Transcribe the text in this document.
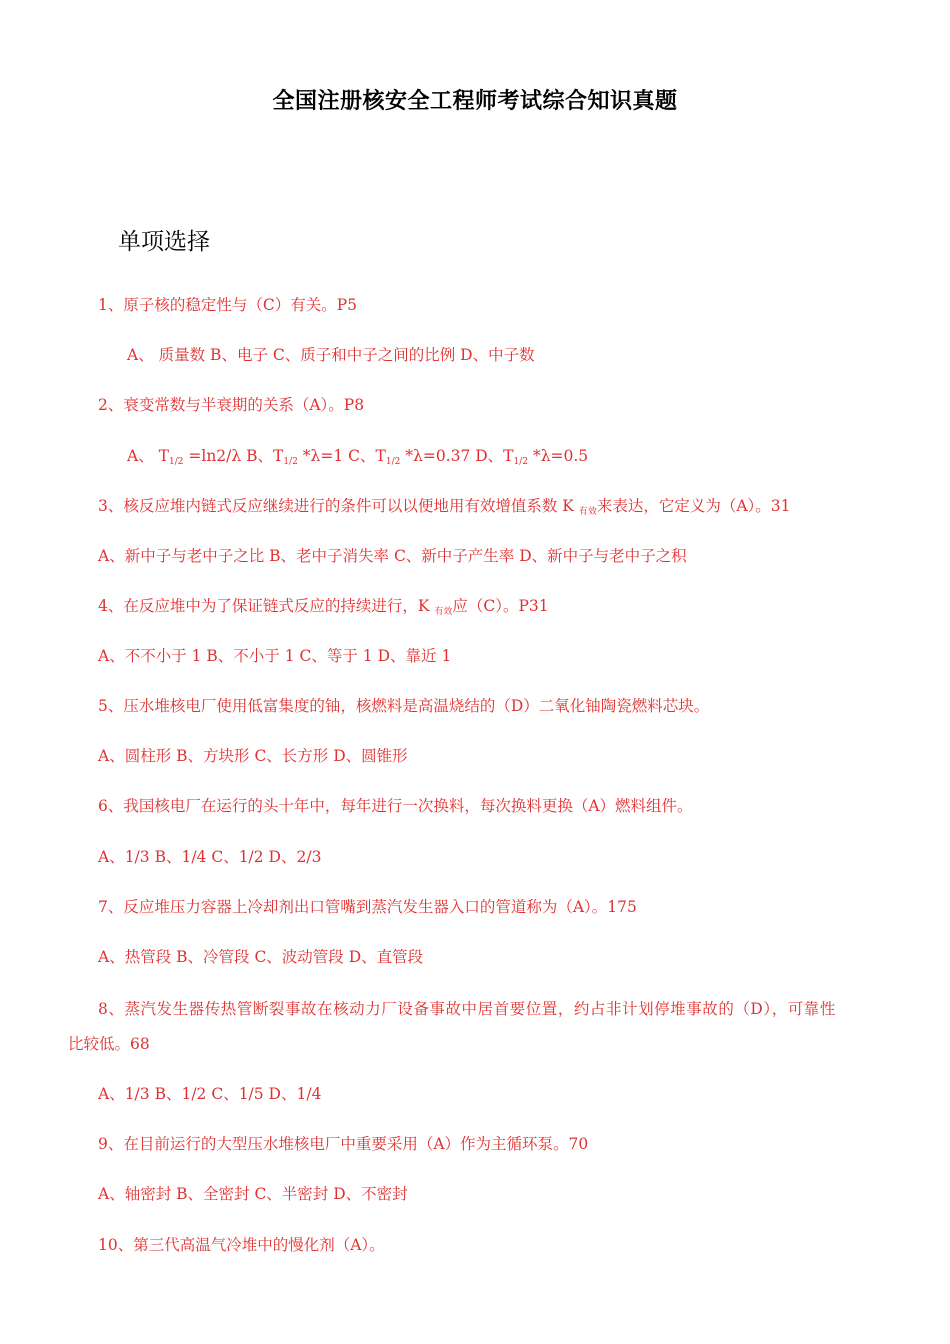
全国注册核安全工程师考试综合知识真题
单项选择
1、原子核的稳定性与（C）有关。P5
A、 质量数 B、电子 C、质子和中子之间的比例 D、中子数
2、衰变常数与半衰期的关系（A）。P8
A、 $T_{1/2} =\ln 2/\lambda$ B、$T_{1/2}$ *λ=1 C、$T_{1/2}$ *λ=0.37 D、$T_{1/2}$ *λ=0.5
3、核反应堆内链式反应继续进行的条件可以以便地用有效增值系数 K $_{有效}$来表达，它定义为（A）。31
A、新中子与老中子之比 B、老中子消失率 C、新中子产生率 D、新中子与老中子之积
4、在反应堆中为了保证链式反应的持续进行，K $_{有效}$应（C）。P31
A、不不小于 1 B、不小于 1 C、等于 1 D、靠近 1
5、压水堆核电厂使用低富集度的铀，核燃料是高温烧结的（D）二氧化铀陶瓷燃料芯块。
A、圆柱形 B、方块形 C、长方形 D、圆锥形
6、我国核电厂在运行的头十年中，每年进行一次换料，每次换料更换（A）燃料组件。
A、1/3 B、1/4 C、1/2 D、2/3
7、反应堆压力容器上冷却剂出口管嘴到蒸汽发生器入口的管道称为（A）。175
A、热管段 B、冷管段 C、波动管段 D、直管段
8、蒸汽发生器传热管断裂事故在核动力厂设备事故中居首要位置，约占非计划停堆事故的（D），可靠性
比较低。68
A、1/3 B、1/2 C、1/5 D、1/4
9、在目前运行的大型压水堆核电厂中重要采用（A）作为主循环泵。70
A、轴密封 B、全密封 C、半密封 D、不密封
10、第三代高温气冷堆中的慢化剂（A）。
